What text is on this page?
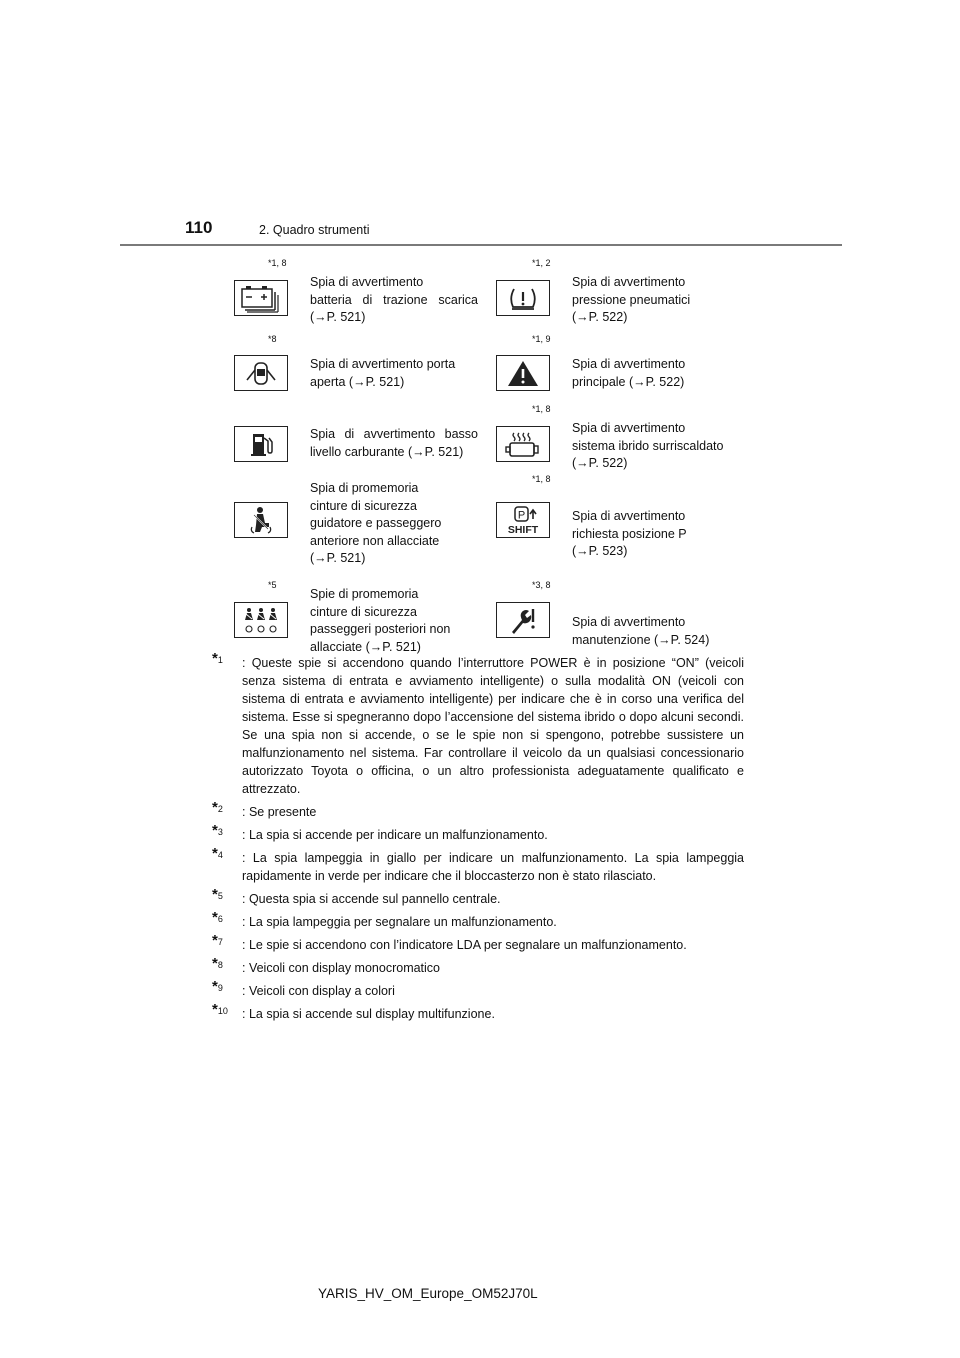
110	2. Quadro strumenti
*1, 8
Spia di avvertimento
batteria di trazione scarica
(→P. 521)
*1, 2
Spia di avvertimento
pressione pneumatici
(→P. 522)
*8
Spia di avvertimento porta
aperta (→P. 521)
*1, 9
Spia di avvertimento
principale (→P. 522)
Spia di avvertimento basso
livello carburante (→P. 521)
*1, 8
Spia di avvertimento
sistema ibrido surriscaldato
(→P. 522)
Spia di promemoria
cinture di sicurezza
guidatore e passeggero
anteriore non allacciate
(→P. 521)
*1, 8
P
SHIFT
Spia di avvertimento
richiesta posizione P
(→P. 523)
*5
Spie di promemoria
cinture di sicurezza
passeggeri posteriori non
allacciate (→P. 521)
*3, 8
Spia di avvertimento
manutenzione (→P. 524)
*1	: Queste spie si accendono quando l’interruttore POWER è in posizione “ON” (veicoli senza sistema di entrata e avviamento intelligente) o sulla modalità ON (veicoli con sistema di entrata e avviamento intelligente) per indicare che è in corso una verifica del sistema. Esse si spegneranno dopo l’accensione del sistema ibrido o dopo alcuni secondi. Se una spia non si accende, o se le spie non si spengono, potrebbe sussistere un malfunzionamento nel sistema. Far controllare il veicolo da un qualsiasi concessionario autorizzato Toyota o officina, o un altro professionista adeguatamente qualificato e attrezzato.
*2	: Se presente
*3	: La spia si accende per indicare un malfunzionamento.
*4	: La spia lampeggia in giallo per indicare un malfunzionamento. La spia lampeggia rapidamente in verde per indicare che il bloccasterzo non è stato rilasciato.
*5	: Questa spia si accende sul pannello centrale.
*6	: La spia lampeggia per segnalare un malfunzionamento.
*7	: Le spie si accendono con l’indicatore LDA per segnalare un malfunzionamento.
*8	: Veicoli con display monocromatico
*9	: Veicoli con display a colori
*10	: La spia si accende sul display multifunzione.
YARIS_HV_OM_Europe_OM52J70L
